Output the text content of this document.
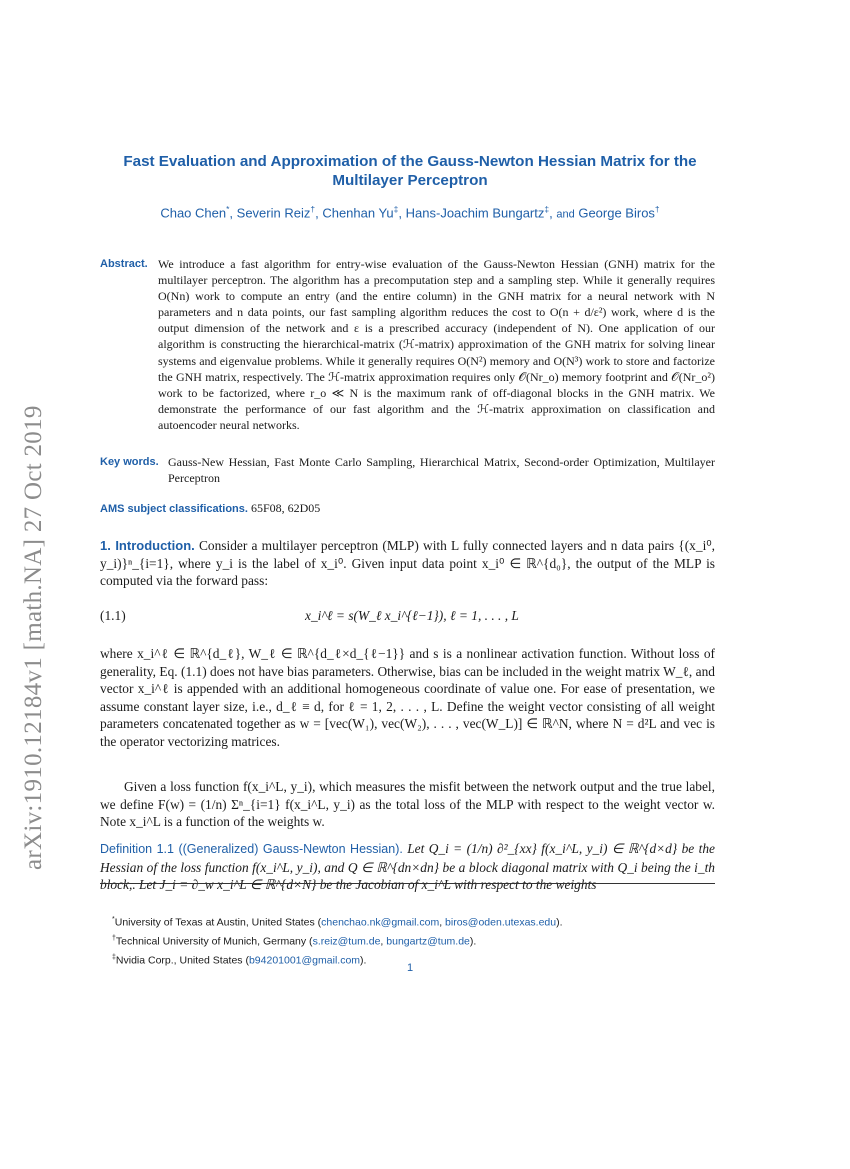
arXiv:1910.12184v1 [math.NA] 27 Oct 2019
Fast Evaluation and Approximation of the Gauss-Newton Hessian Matrix for the Multilayer Perceptron
Chao Chen*, Severin Reiz†, Chenhan Yu‡, Hans-Joachim Bungartz‡, and George Biros†
Abstract. We introduce a fast algorithm for entry-wise evaluation of the Gauss-Newton Hessian (GNH) matrix for the multilayer perceptron. The algorithm has a precomputation step and a sampling step. While it generally requires O(Nn) work to compute an entry (and the entire column) in the GNH matrix for a neural network with N parameters and n data points, our fast sampling algorithm reduces the cost to O(n + d/ε²) work, where d is the output dimension of the network and ε is a prescribed accuracy (independent of N). One application of our algorithm is constructing the hierarchical-matrix (ℋ-matrix) approximation of the GNH matrix for solving linear systems and eigenvalue problems. While it generally requires O(N²) memory and O(N³) work to store and factorize the GNH matrix, respectively. The ℋ-matrix approximation requires only 𝒪(Nr_o) memory footprint and 𝒪(Nr_o²) work to be factorized, where r_o ≪ N is the maximum rank of off-diagonal blocks in the GNH matrix. We demonstrate the performance of our fast algorithm and the ℋ-matrix approximation on classification and autoencoder neural networks.
Key words. Gauss-New Hessian, Fast Monte Carlo Sampling, Hierarchical Matrix, Second-order Optimization, Multilayer Perceptron
AMS subject classifications. 65F08, 62D05
1. Introduction. Consider a multilayer perceptron (MLP) with L fully connected layers and n data pairs {(x_i⁰, y_i)}ⁿ_{i=1}, where y_i is the label of x_i⁰. Given input data point x_i⁰ ∈ ℝ^{d₀}, the output of the MLP is computed via the forward pass:
(1.1)	x_i^ℓ = s(W_ℓ x_i^{ℓ−1}), ℓ = 1, . . . , L
where x_i^ℓ ∈ ℝ^{d_ℓ}, W_ℓ ∈ ℝ^{d_ℓ×d_{ℓ−1}} and s is a nonlinear activation function. Without loss of generality, Eq. (1.1) does not have bias parameters. Otherwise, bias can be included in the weight matrix W_ℓ, and vector x_i^ℓ is appended with an additional homogeneous coordinate of value one. For ease of presentation, we assume constant layer size, i.e., d_ℓ ≡ d, for ℓ = 1, 2, . . . , L. Define the weight vector consisting of all weight parameters concatenated together as w = [vec(W₁), vec(W₂), . . . , vec(W_L)] ∈ ℝ^N, where N = d²L and vec is the operator vectorizing matrices.
Given a loss function f(x_i^L, y_i), which measures the misfit between the network output and the true label, we define F(w) = (1/n) Σⁿ_{i=1} f(x_i^L, y_i) as the total loss of the MLP with respect to the weight vector w. Note x_i^L is a function of the weights w.
Definition 1.1 ((Generalized) Gauss-Newton Hessian). Let Q_i = (1/n) ∂²_{xx} f(x_i^L, y_i) ∈ ℝ^{d×d} be the Hessian of the loss function f(x_i^L, y_i), and Q ∈ ℝ^{dn×dn} be a block diagonal matrix with Q_i being the i_th block,. Let J_i = ∂_w x_i^L ∈ ℝ^{d×N} be the Jacobian of x_i^L with respect to the weights
*University of Texas at Austin, United States (chenchao.nk@gmail.com, biros@oden.utexas.edu).
†Technical University of Munich, Germany (s.reiz@tum.de, bungartz@tum.de).
‡Nvidia Corp., United States (b94201001@gmail.com).
1
